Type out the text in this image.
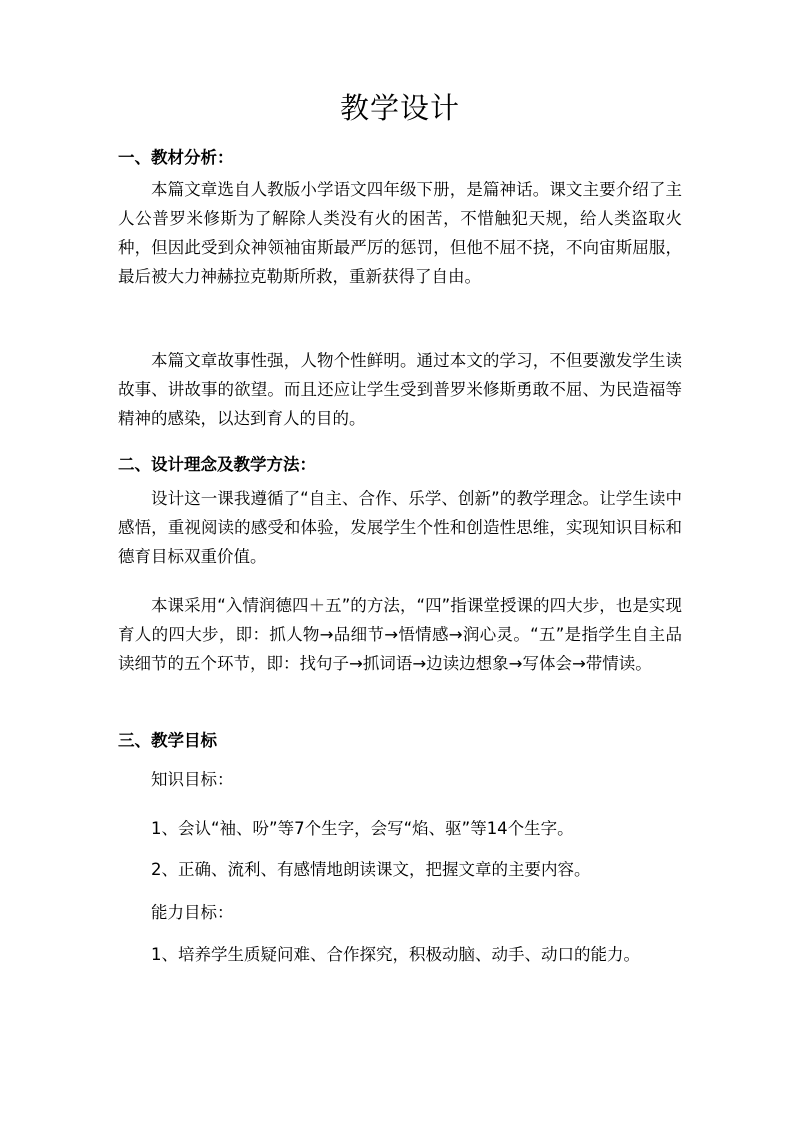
教学设计
一、教材分析：

本篇文章选自人教版小学语文四年级下册，是篇神话。课文主要介绍了主人公普罗米修斯为了解除人类没有火的困苦，不惜触犯天规，给人类盗取火种，但因此受到众神领袖宙斯最严厉的惩罚，但他不屈不挠，不向宙斯屈服，最后被大力神赫拉克勒斯所救，重新获得了自由。

本篇文章故事性强，人物个性鲜明。通过本文的学习，不但要激发学生读故事、讲故事的欲望。而且还应让学生受到普罗米修斯勇敢不屈、为民造福等精神的感染，以达到育人的目的。

二、设计理念及教学方法：

设计这一课我遵循了“自主、合作、乐学、创新”的教学理念。让学生读中感悟，重视阅读的感受和体验，发展学生个性和创造性思维，实现知识目标和德育目标双重价值。

本课采用“入情润德四＋五”的方法，“四”指课堂授课的四大步，也是实现育人的四大步，即：抓人物→品细节→悟情感→润心灵。“五”是指学生自主品读细节的五个环节，即：找句子→抓词语→边读边想象→写体会→带情读。

三、教学目标

知识目标：

1、会认“袖、吩”等7个生字，会写“焰、驱”等14个生字。

2、正确、流利、有感情地朗读课文，把握文章的主要内容。

能力目标：

1、培养学生质疑问难、合作探究，积极动脑、动手、动口的能力。
